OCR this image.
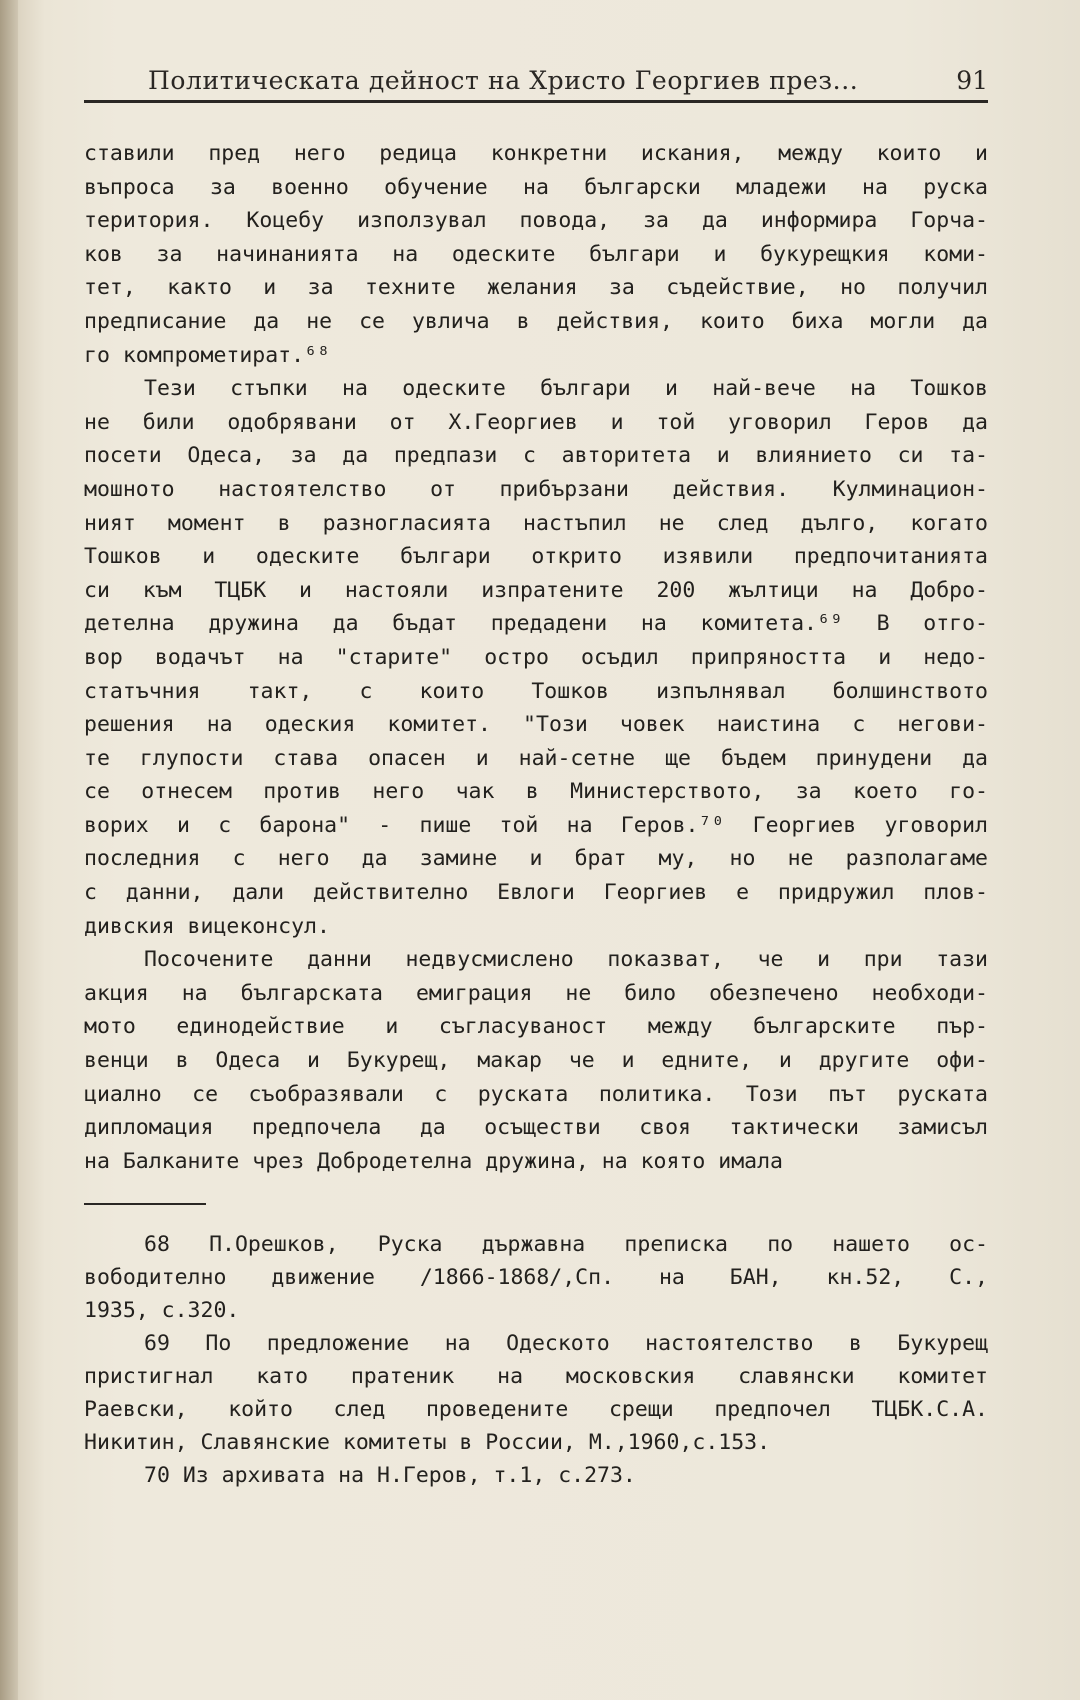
Политическата дейност на Христо Георгиев през...	91
ставили пред него редица конкретни искания, между които и
въпроса за военно обучение на български младежи на руска
територия. Коцебу използувал повода, за да информира Горча-
ков за начинанията на одеските българи и букурещкия коми-
тет, както и за техните желания за съдействие, но получил
предписание да не се увлича в действия, които биха могли да
го компрометират.⁶⁸
Тези стъпки на одеските българи и най-вече на Тошков
не били одобрявани от Х.Георгиев и той уговорил Геров да
посети Одеса, за да предпази с авторитета и влиянието си та-
мошното настоятелство от прибързани действия. Кулминацион-
ният момент в разногласията настъпил не след дълго, когато
Тошков и одеските българи открито изявили предпочитанията
си към ТЦБК и настояли изпратените 200 жълтици на Добро-
детелна дружина да бъдат предадени на комитета.⁶⁹ В отго-
вор водачът на "старите" остро осъдил припряността и недо-
статъчния такт, с които Тошков изпълнявал болшинството
решения на одеския комитет. "Този човек наистина с негови-
те глупости става опасен и най-сетне ще бъдем принудени да
се отнесем против него чак в Министерството, за което го-
ворих и с барона" - пише той на Геров.⁷⁰ Георгиев уговорил
последния с него да замине и брат му, но не разполагаме
с данни, дали действително Евлоги Георгиев е придружил плов-
дивския вицеконсул.
Посочените данни недвусмислено показват, че и при тази
акция на българската емиграция не било обезпечено необходи-
мото единодействие и съгласуваност между българските пър-
венци в Одеса и Букурещ, макар че и едните, и другите офи-
циално се съобразявали с руската политика. Този път руската
дипломация предпочела да осъществи своя тактически замисъл
на Балканите чрез Добродетелна дружина, на която имала
68 П.Орешков, Руска държавна преписка по нашето ос-
вободително движение /1866-1868/,Сп. на БАН, кн.52, С.,
1935, с.320.
69 По предложение на Одеското настоятелство в Букурещ
пристигнал като пратеник на московския славянски комитет
Раевски, който след проведените срещи предпочел ТЦБК.С.А.
Никитин, Славянские комитеты в России, М.,1960,с.153.
70 Из архивата на Н.Геров, т.1, с.273.
